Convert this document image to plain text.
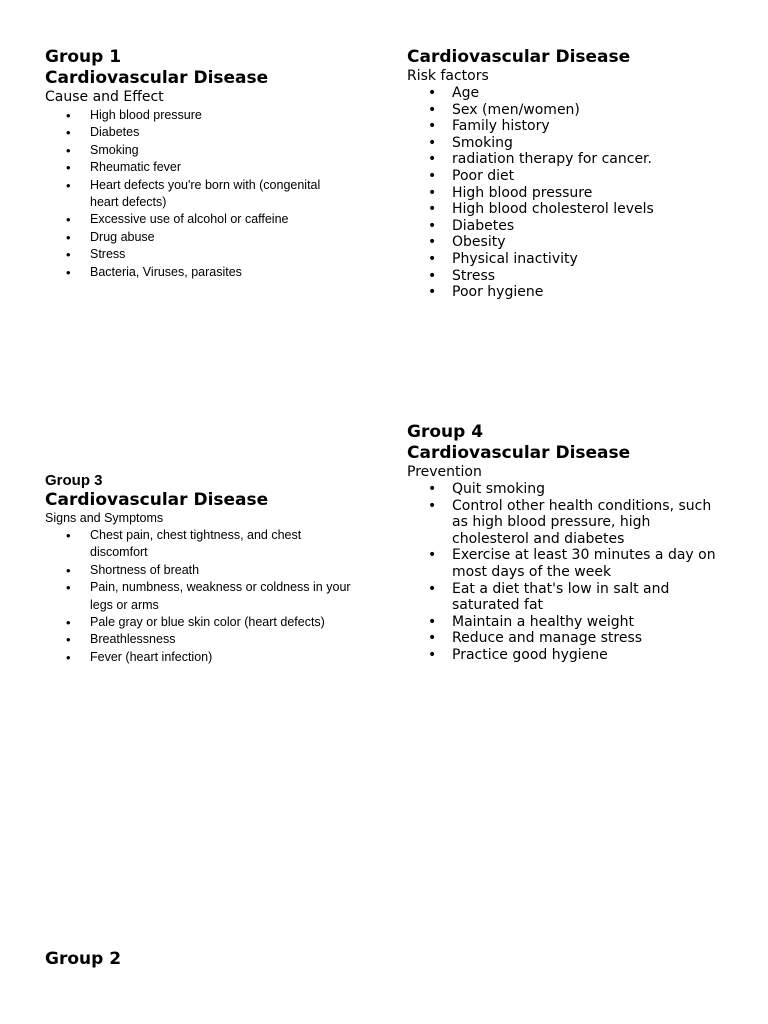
Group 1
Cardiovascular Disease
Cause and Effect
• High blood pressure
• Diabetes
• Smoking
• Rheumatic fever
• Heart defects you're born with (congenital heart defects)
• Excessive use of alcohol or caffeine
• Drug abuse
• Stress
• Bacteria, Viruses, parasites
Cardiovascular Disease
Risk factors
• Age
• Sex (men/women)
• Family history
• Smoking
• radiation therapy for cancer.
• Poor diet
• High blood pressure
• High blood cholesterol levels
• Diabetes
• Obesity
• Physical inactivity
• Stress
• Poor hygiene
Group 4
Cardiovascular Disease
Prevention
• Quit smoking
• Control other health conditions, such as high blood pressure, high cholesterol and diabetes
• Exercise at least 30 minutes a day on most days of the week
• Eat a diet that's low in salt and saturated fat
• Maintain a healthy weight
• Reduce and manage stress
• Practice good hygiene
Group 3
Cardiovascular Disease
Signs and Symptoms
• Chest pain, chest tightness, and chest discomfort
• Shortness of breath
• Pain, numbness, weakness or coldness in your legs or arms
• Pale gray or blue skin color (heart defects)
• Breathlessness
• Fever (heart infection)
Group 2
